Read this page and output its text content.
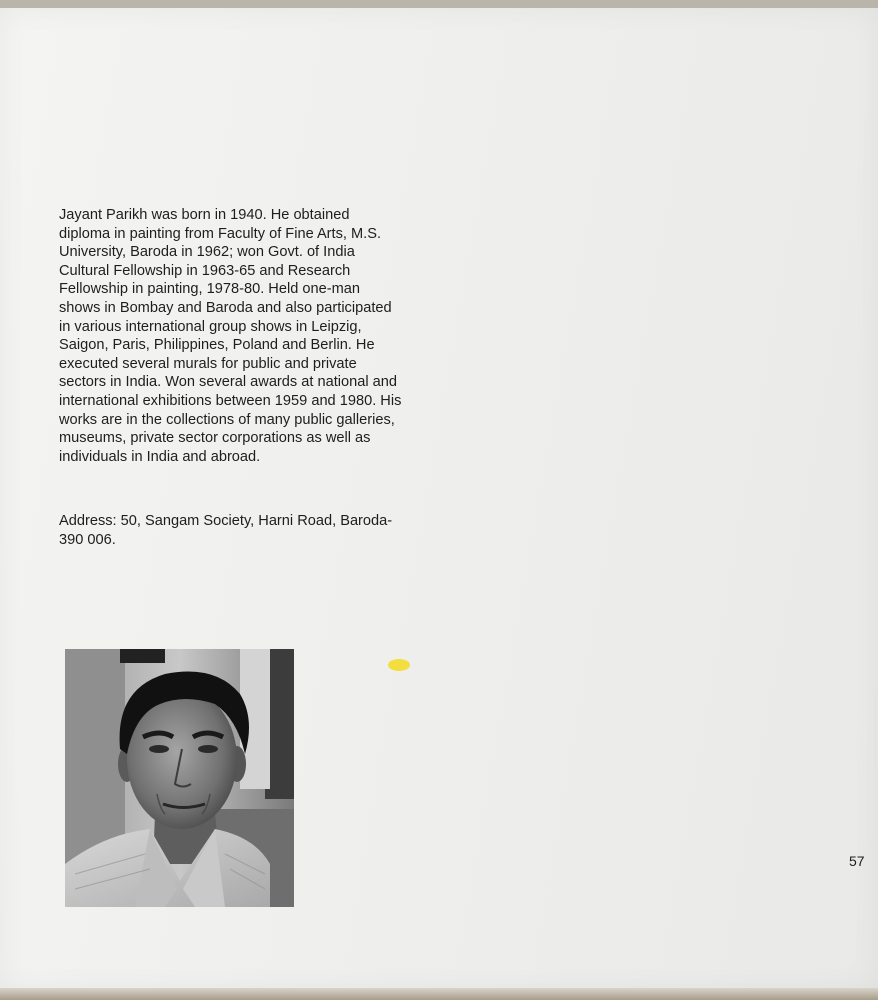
Jayant Parikh was born in 1940. He obtained diploma in painting from Faculty of Fine Arts, M.S. University, Baroda in 1962; won Govt. of India Cultural Fellowship in 1963-65 and Research Fellowship in painting, 1978-80. Held one-man shows in Bombay and Baroda and also participated in various international group shows in Leipzig, Saigon, Paris, Philippines, Poland and Berlin. He executed several murals for public and private sectors in India. Won several awards at national and international exhibitions between 1959 and 1980. His works are in the collections of many public galleries, museums, private sector corporations as well as individuals in India and abroad.

Address: 50, Sangam Society, Harni Road, Baroda-390 006.

57
